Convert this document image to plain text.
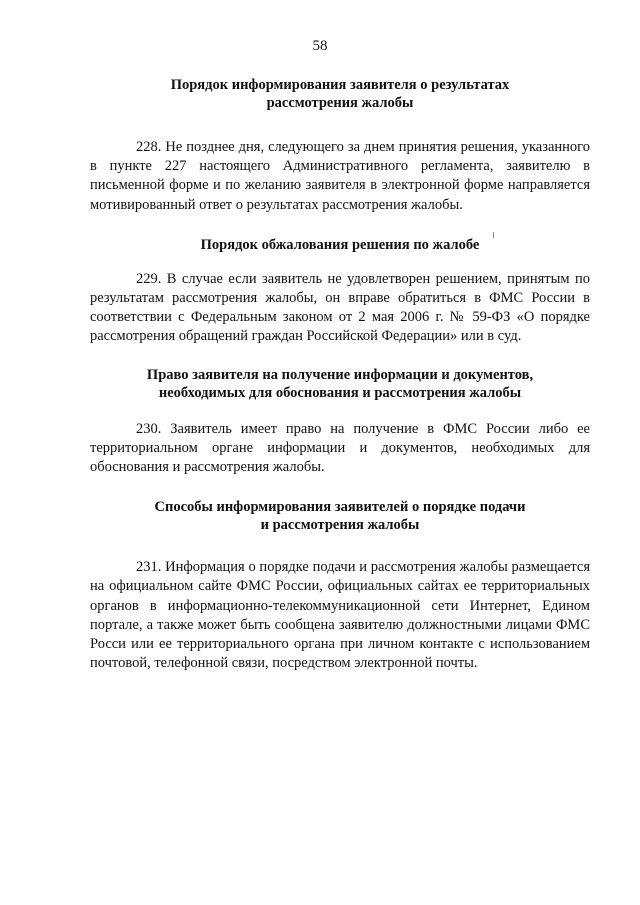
58
Порядок информирования заявителя о результатах
рассмотрения жалобы

228. Не позднее дня, следующего за днем принятия решения, указанного в пункте 227 настоящего Административного регламента, заявителю в письменной форме и по желанию заявителя в электронной форме направляется мотивированный ответ о результатах рассмотрения жалобы.

Порядок обжалования решения по жалобе

229. В случае если заявитель не удовлетворен решением, принятым по результатам рассмотрения жалобы, он вправе обратиться в ФМС России в соответствии с Федеральным законом от 2 мая 2006 г. № 59-ФЗ «О порядке рассмотрения обращений граждан Российской Федерации» или в суд.

Право заявителя на получение информации и документов,
необходимых для обоснования и рассмотрения жалобы

230. Заявитель имеет право на получение в ФМС России либо ее территориальном органе информации и документов, необходимых для обоснования и рассмотрения жалобы.

Способы информирования заявителей о порядке подачи
и рассмотрения жалобы

231. Информация о порядке подачи и рассмотрения жалобы размещается на официальном сайте ФМС России, официальных сайтах ее территориальных органов в информационно-телекоммуникационной сети Интернет, Едином портале, а также может быть сообщена заявителю должностными лицами ФМС Росси или ее территориального органа при личном контакте с использованием почтовой, телефонной связи, посредством электронной почты.
